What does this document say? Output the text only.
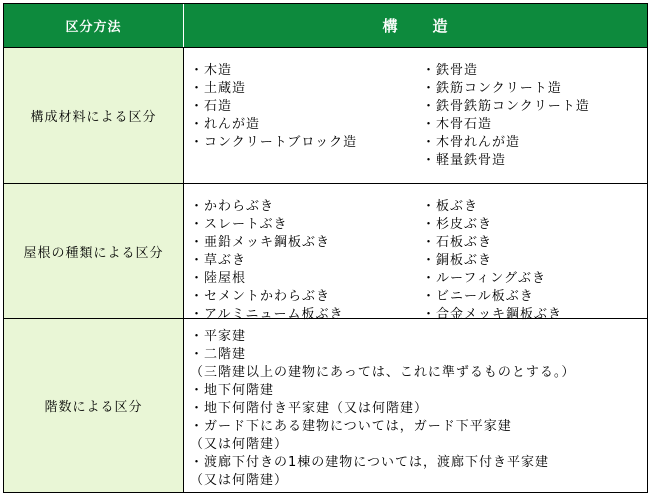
区分方法	構 造
構成材料による区分
・木造
・土蔵造
・石造
・れんが造
・コンクリートブロック造
・鉄骨造
・鉄筋コンクリート造
・鉄骨鉄筋コンクリート造
・木骨石造
・木骨れんが造
・軽量鉄骨造
屋根の種類による区分
・かわらぶき
・スレートぶき
・亜鉛メッキ鋼板ぶき
・草ぶき
・陸屋根
・セメントかわらぶき
・アルミニューム板ぶき
・板ぶき
・杉皮ぶき
・石板ぶき
・銅板ぶき
・ルーフィングぶき
・ビニール板ぶき
・合金メッキ鋼板ぶき
階数による区分
・平家建
・二階建
（三階建以上の建物にあっては、これに準ずるものとする。）
・地下何階建
・地下何階付き平家建（又は何階建）
・ガード下にある建物については，ガード下平家建
（又は何階建）
・渡廊下付きの1棟の建物については，渡廊下付き平家建
（又は何階建）
